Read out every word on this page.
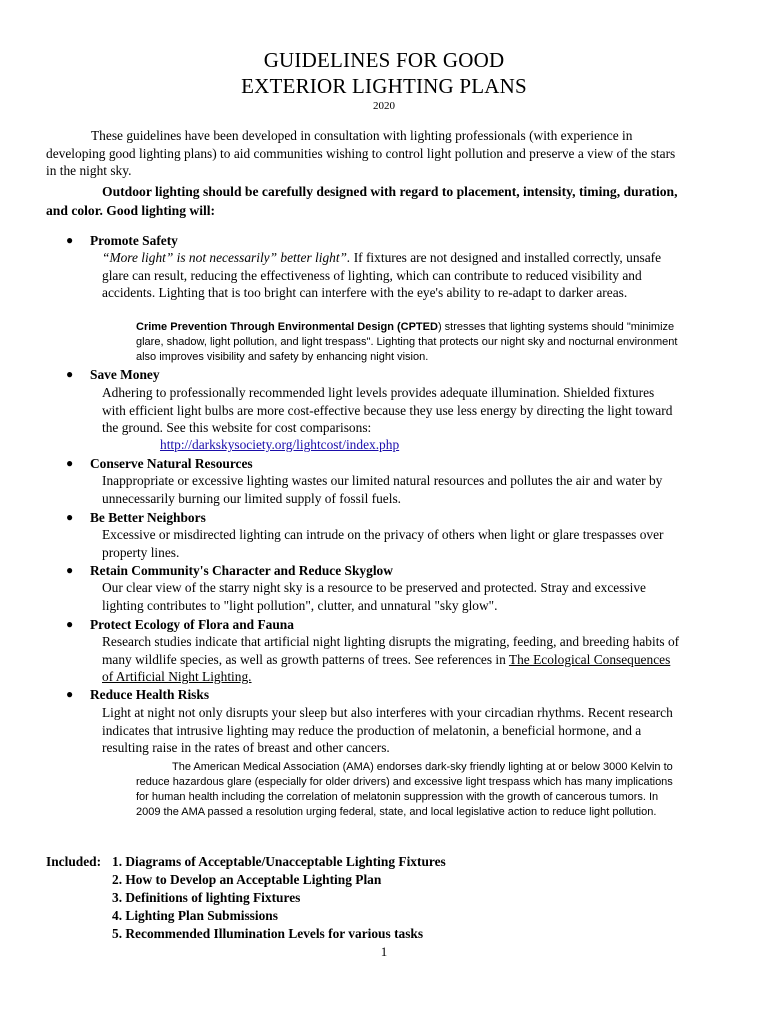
GUIDELINES FOR GOOD
EXTERIOR LIGHTING PLANS
2020
These guidelines have been developed in consultation with lighting professionals (with experience in developing good lighting plans) to aid communities wishing to control light pollution and preserve a view of the stars in the night sky.
Outdoor lighting should be carefully designed with regard to placement, intensity, timing, duration, and color. Good lighting will:
● Promote Safety
“More light” is not necessarily” better light”. If fixtures are not designed and installed correctly, unsafe glare can result, reducing the effectiveness of lighting, which can contribute to reduced visibility and accidents. Lighting that is too bright can interfere with the eye's ability to re-adapt to darker areas.
Crime Prevention Through Environmental Design (CPTED) stresses that lighting systems should "minimize glare, shadow, light pollution, and light trespass". Lighting that protects our night sky and nocturnal environment also improves visibility and safety by enhancing night vision.
● Save Money
Adhering to professionally recommended light levels provides adequate illumination. Shielded fixtures with efficient light bulbs are more cost-effective because they use less energy by directing the light toward the ground. See this website for cost comparisons:
http://darkskysociety.org/lightcost/index.php
● Conserve Natural Resources
Inappropriate or excessive lighting wastes our limited natural resources and pollutes the air and water by unnecessarily burning our limited supply of fossil fuels.
● Be Better Neighbors
Excessive or misdirected lighting can intrude on the privacy of others when light or glare trespasses over property lines.
● Retain Community's Character and Reduce Skyglow
Our clear view of the starry night sky is a resource to be preserved and protected. Stray and excessive lighting contributes to "light pollution", clutter, and unnatural "sky glow".
● Protect Ecology of Flora and Fauna
Research studies indicate that artificial night lighting disrupts the migrating, feeding, and breeding habits of many wildlife species, as well as growth patterns of trees. See references in The Ecological Consequences of Artificial Night Lighting.
● Reduce Health Risks
Light at night not only disrupts your sleep but also interferes with your circadian rhythms. Recent research indicates that intrusive lighting may reduce the production of melatonin, a beneficial hormone, and a resulting raise in the rates of breast and other cancers.
The American Medical Association (AMA) endorses dark-sky friendly lighting at or below 3000 Kelvin to reduce hazardous glare (especially for older drivers) and excessive light trespass which has many implications for human health including the correlation of melatonin suppression with the growth of cancerous tumors. In 2009 the AMA passed a resolution urging federal, state, and local legislative action to reduce light pollution.
Included: 1. Diagrams of Acceptable/Unacceptable Lighting Fixtures
2. How to Develop an Acceptable Lighting Plan
3. Definitions of lighting Fixtures
4. Lighting Plan Submissions
5. Recommended Illumination Levels for various tasks
1
